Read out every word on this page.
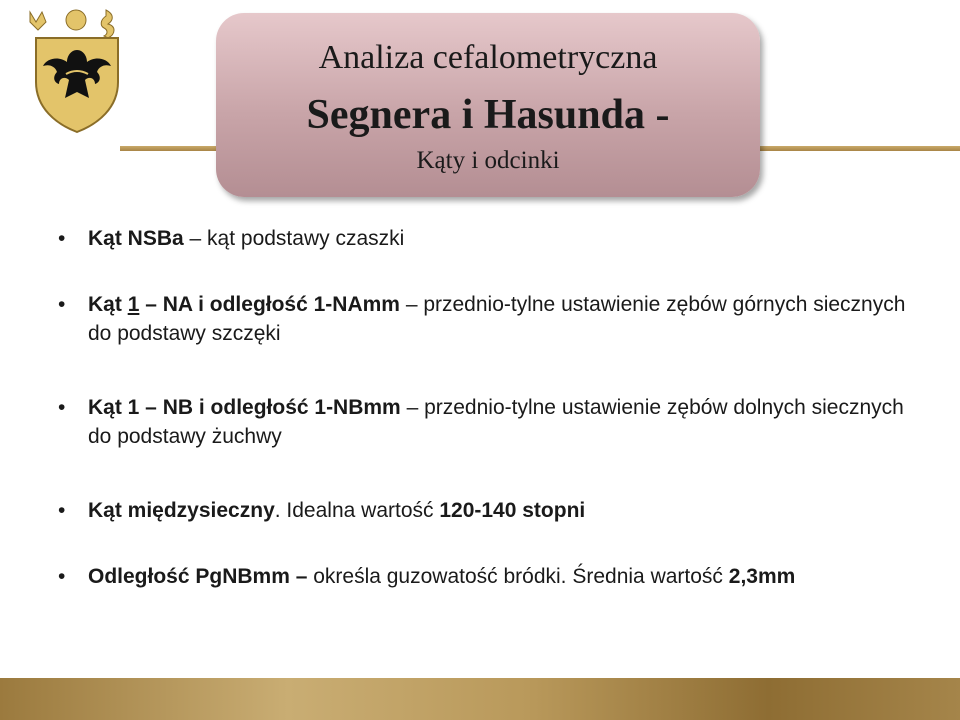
Analiza cefalometryczna
Segnera i Hasunda -
Kąty i odcinki
• Kąt NSBa – kąt podstawy czaszki
• Kąt 1 – NA i odległość 1-NAmm – przednio-tylne ustawienie zębów górnych siecznych do podstawy szczęki
• Kąt 1 – NB i odległość 1-NBmm – przednio-tylne ustawienie zębów dolnych siecznych do podstawy żuchwy
• Kąt międzysieczny. Idealna wartość 120-140 stopni
• Odległość PgNBmm – określa guzowatość bródki. Średnia wartość 2,3mm
